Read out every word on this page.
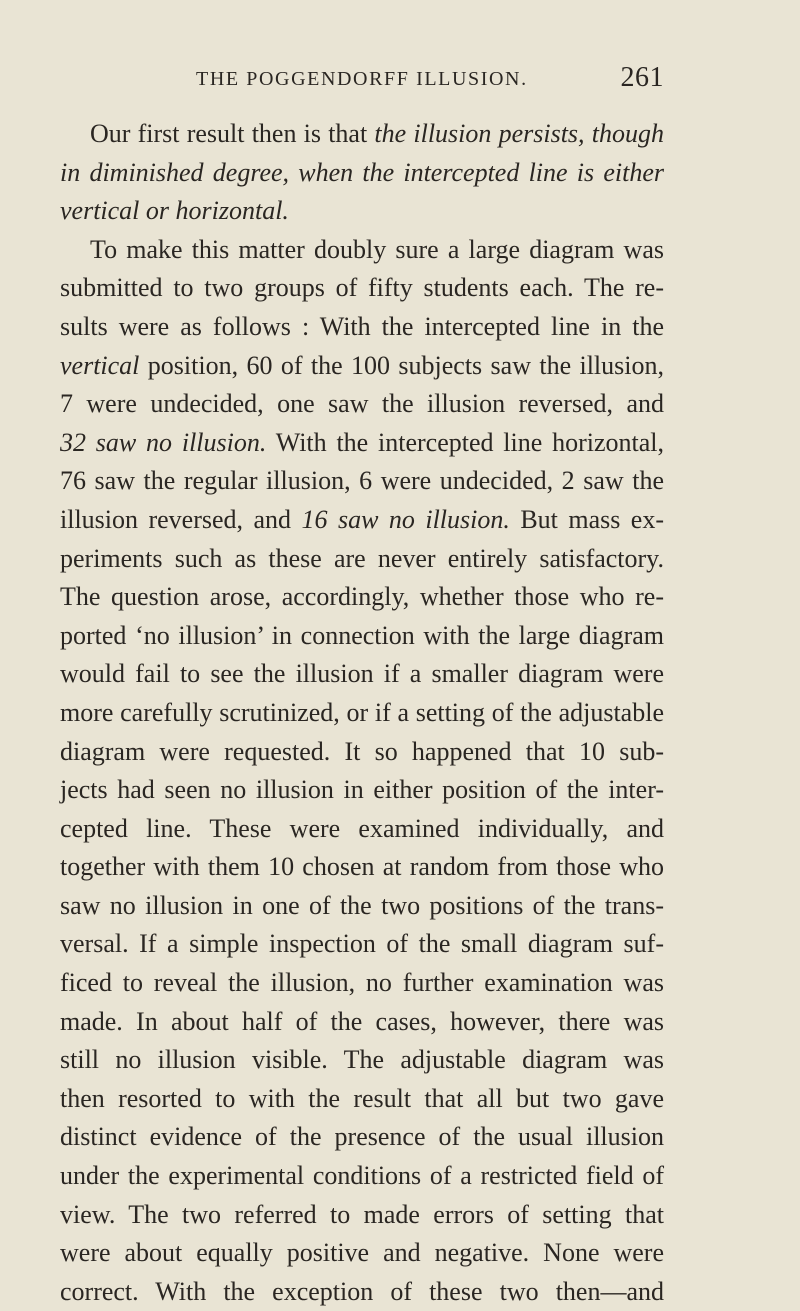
THE POGGENDORFF ILLUSION.	261
Our first result then is that the illusion persists, though
in diminished degree, when the intercepted line is either
vertical or horizontal.
To make this matter doubly sure a large diagram was
submitted to two groups of fifty students each. The re-
sults were as follows : With the intercepted line in the
vertical position, 60 of the 100 subjects saw the illusion,
7 were undecided, one saw the illusion reversed, and
32 saw no illusion. With the intercepted line horizontal,
76 saw the regular illusion, 6 were undecided, 2 saw the
illusion reversed, and 16 saw no illusion. But mass ex-
periments such as these are never entirely satisfactory.
The question arose, accordingly, whether those who re-
ported ‘no illusion’ in connection with the large diagram
would fail to see the illusion if a smaller diagram were
more carefully scrutinized, or if a setting of the adjustable
diagram were requested. It so happened that 10 sub-
jects had seen no illusion in either position of the inter-
cepted line. These were examined individually, and
together with them 10 chosen at random from those who
saw no illusion in one of the two positions of the trans-
versal. If a simple inspection of the small diagram suf-
ficed to reveal the illusion, no further examination was
made. In about half of the cases, however, there was
still no illusion visible. The adjustable diagram was
then resorted to with the result that all but two gave
distinct evidence of the presence of the usual illusion
under the experimental conditions of a restricted field of
view. The two referred to made errors of setting that
were about equally positive and negative. None were
correct. With the exception of these two then—and
